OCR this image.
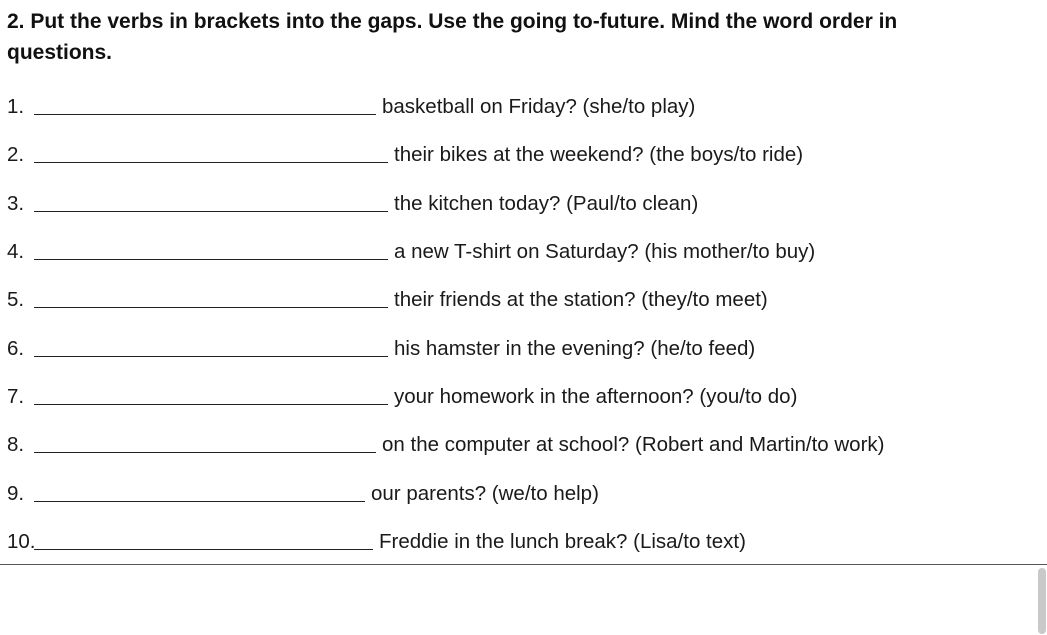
2. Put the verbs in brackets into the gaps. Use the going to-future. Mind the word order in questions.
1.	basketball on Friday? (she/to play)
2.	their bikes at the weekend? (the boys/to ride)
3.	the kitchen today? (Paul/to clean)
4.	a new T-shirt on Saturday? (his mother/to buy)
5.	their friends at the station? (they/to meet)
6.	his hamster in the evening? (he/to feed)
7.	your homework in the afternoon? (you/to do)
8.	on the computer at school? (Robert and Martin/to work)
9.	our parents? (we/to help)
10.	Freddie in the lunch break? (Lisa/to text)
